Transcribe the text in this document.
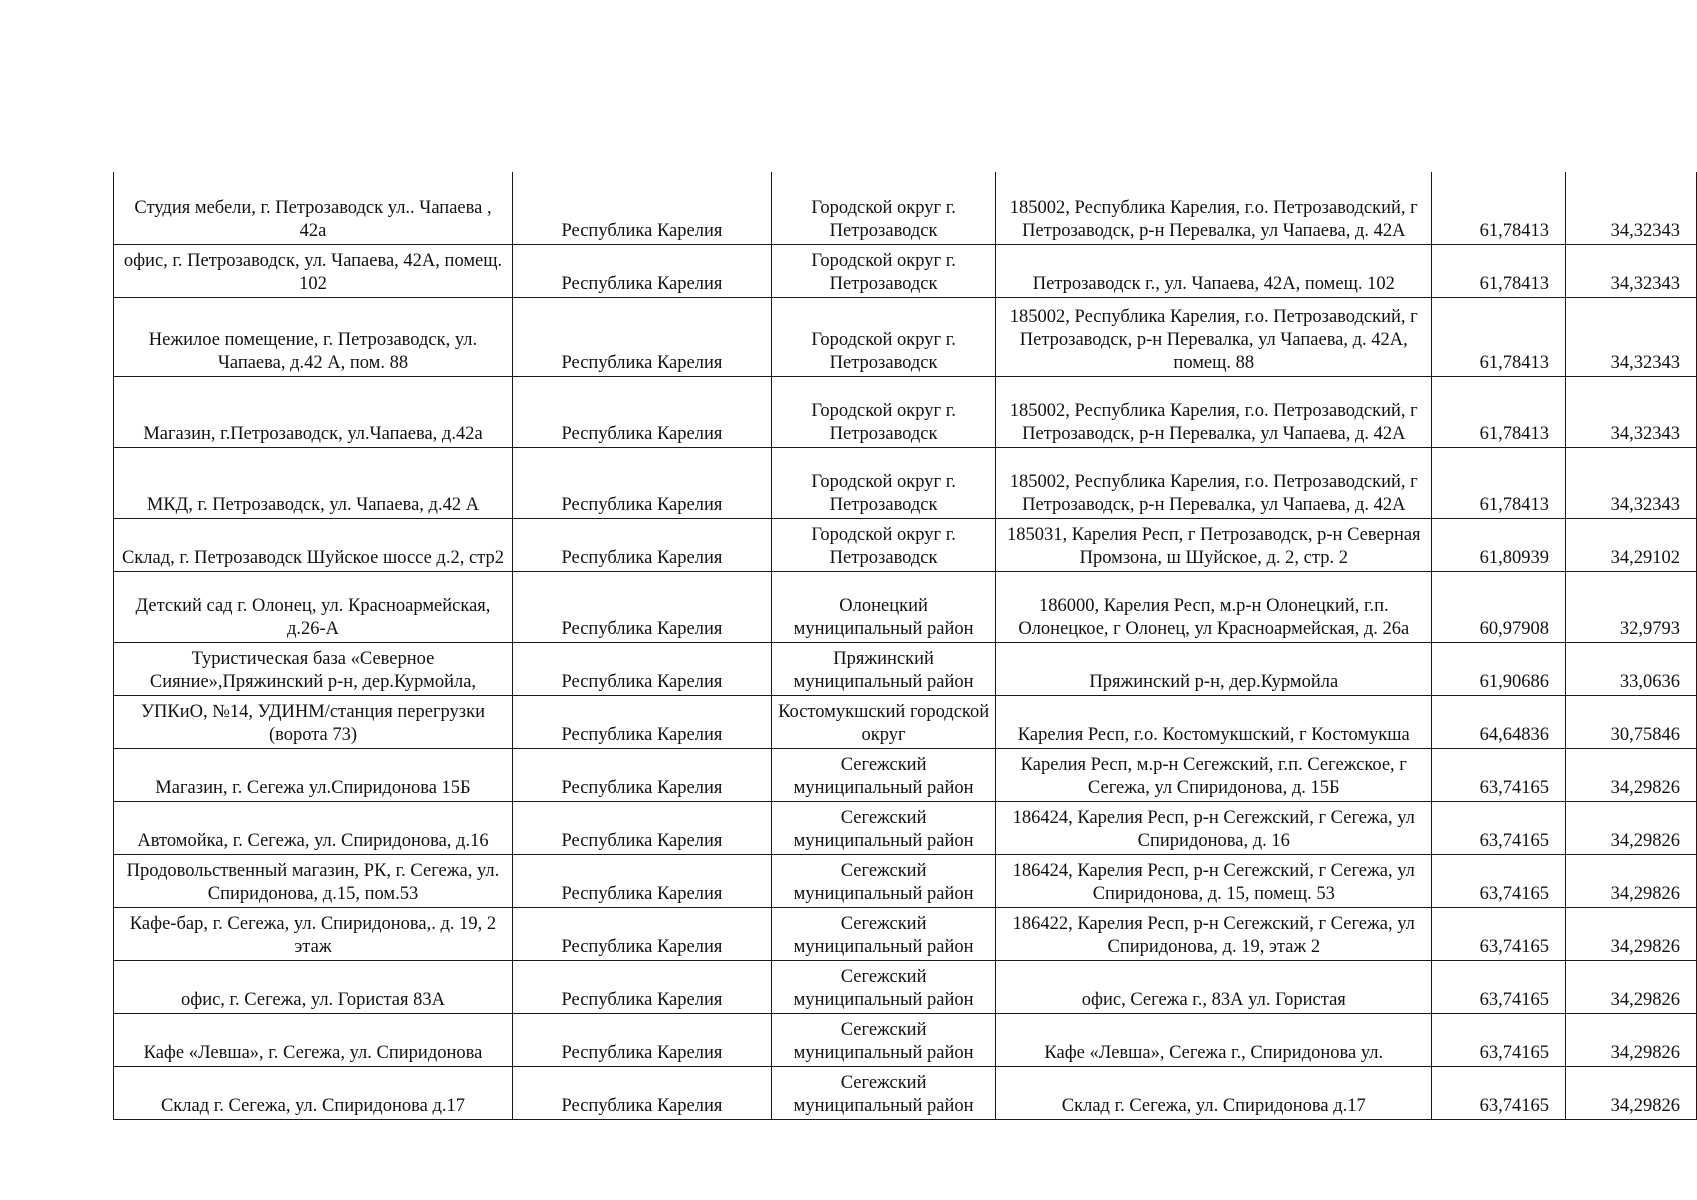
Студия мебели, г. Петрозаводск ул.. Чапаева , 42а	Республика Карелия	Городской округ г. Петрозаводск	185002, Республика Карелия, г.о. Петрозаводский, г Петрозаводск, р-н Перевалка, ул Чапаева, д. 42А	61,78413	34,32343
офис, г. Петрозаводск, ул. Чапаева, 42А, помещ. 102	Республика Карелия	Городской округ г. Петрозаводск	Петрозаводск г., ул. Чапаева, 42А, помещ. 102	61,78413	34,32343
Нежилое помещение, г. Петрозаводск, ул. Чапаева, д.42 А, пом. 88	Республика Карелия	Городской округ г. Петрозаводск	185002, Республика Карелия, г.о. Петрозаводский, г Петрозаводск, р-н Перевалка, ул Чапаева, д. 42А, помещ. 88	61,78413	34,32343
Магазин, г.Петрозаводск, ул.Чапаева, д.42а	Республика Карелия	Городской округ г. Петрозаводск	185002, Республика Карелия, г.о. Петрозаводский, г Петрозаводск, р-н Перевалка, ул Чапаева, д. 42А	61,78413	34,32343
МКД, г. Петрозаводск, ул. Чапаева, д.42 А	Республика Карелия	Городской округ г. Петрозаводск	185002, Республика Карелия, г.о. Петрозаводский, г Петрозаводск, р-н Перевалка, ул Чапаева, д. 42А	61,78413	34,32343
Склад, г. Петрозаводск Шуйское шоссе д.2, стр2	Республика Карелия	Городской округ г. Петрозаводск	185031, Карелия Респ, г Петрозаводск, р-н Северная Промзона, ш Шуйское, д. 2, стр. 2	61,80939	34,29102
Детский сад г. Олонец, ул. Красноармейская, д.26-А	Республика Карелия	Олонецкий муниципальный район	186000, Карелия Респ, м.р-н Олонецкий, г.п. Олонецкое, г Олонец, ул Красноармейская, д. 26а	60,97908	32,9793
Туристическая база «Северное Сияние»,Пряжинский р-н, дер.Курмойла,	Республика Карелия	Пряжинский муниципальный район	Пряжинский р-н, дер.Курмойла	61,90686	33,0636
УПКиО, №14, УДИНМ/станция перегрузки (ворота 73)	Республика Карелия	Костомукшский городской округ	Карелия Респ, г.о. Костомукшский, г Костомукша	64,64836	30,75846
Магазин, г. Сегежа ул.Спиридонова 15Б	Республика Карелия	Сегежский муниципальный район	Карелия Респ, м.р-н Сегежский, г.п. Сегежское, г Сегежа, ул Спиридонова, д. 15Б	63,74165	34,29826
Автомойка, г. Сегежа, ул. Спиридонова, д.16	Республика Карелия	Сегежский муниципальный район	186424, Карелия Респ, р-н Сегежский, г Сегежа, ул Спиридонова, д. 16	63,74165	34,29826
Продовольственный магазин, РК, г. Сегежа, ул. Спиридонова, д.15, пом.53	Республика Карелия	Сегежский муниципальный район	186424, Карелия Респ, р-н Сегежский, г Сегежа, ул Спиридонова, д. 15, помещ. 53	63,74165	34,29826
Кафе-бар, г. Сегежа, ул. Спиридонова,. д. 19, 2 этаж	Республика Карелия	Сегежский муниципальный район	186422, Карелия Респ, р-н Сегежский, г Сегежа, ул Спиридонова, д. 19, этаж 2	63,74165	34,29826
офис, г. Сегежа, ул. Гористая 83А	Республика Карелия	Сегежский муниципальный район	офис, Сегежа г., 83А ул. Гористая	63,74165	34,29826
Кафе «Левша», г. Сегежа, ул. Спиридонова	Республика Карелия	Сегежский муниципальный район	Кафе «Левша», Сегежа г., Спиридонова ул.	63,74165	34,29826
Склад г. Сегежа, ул. Спиридонова д.17	Республика Карелия	Сегежский муниципальный район	Склад г. Сегежа, ул. Спиридонова д.17	63,74165	34,29826
